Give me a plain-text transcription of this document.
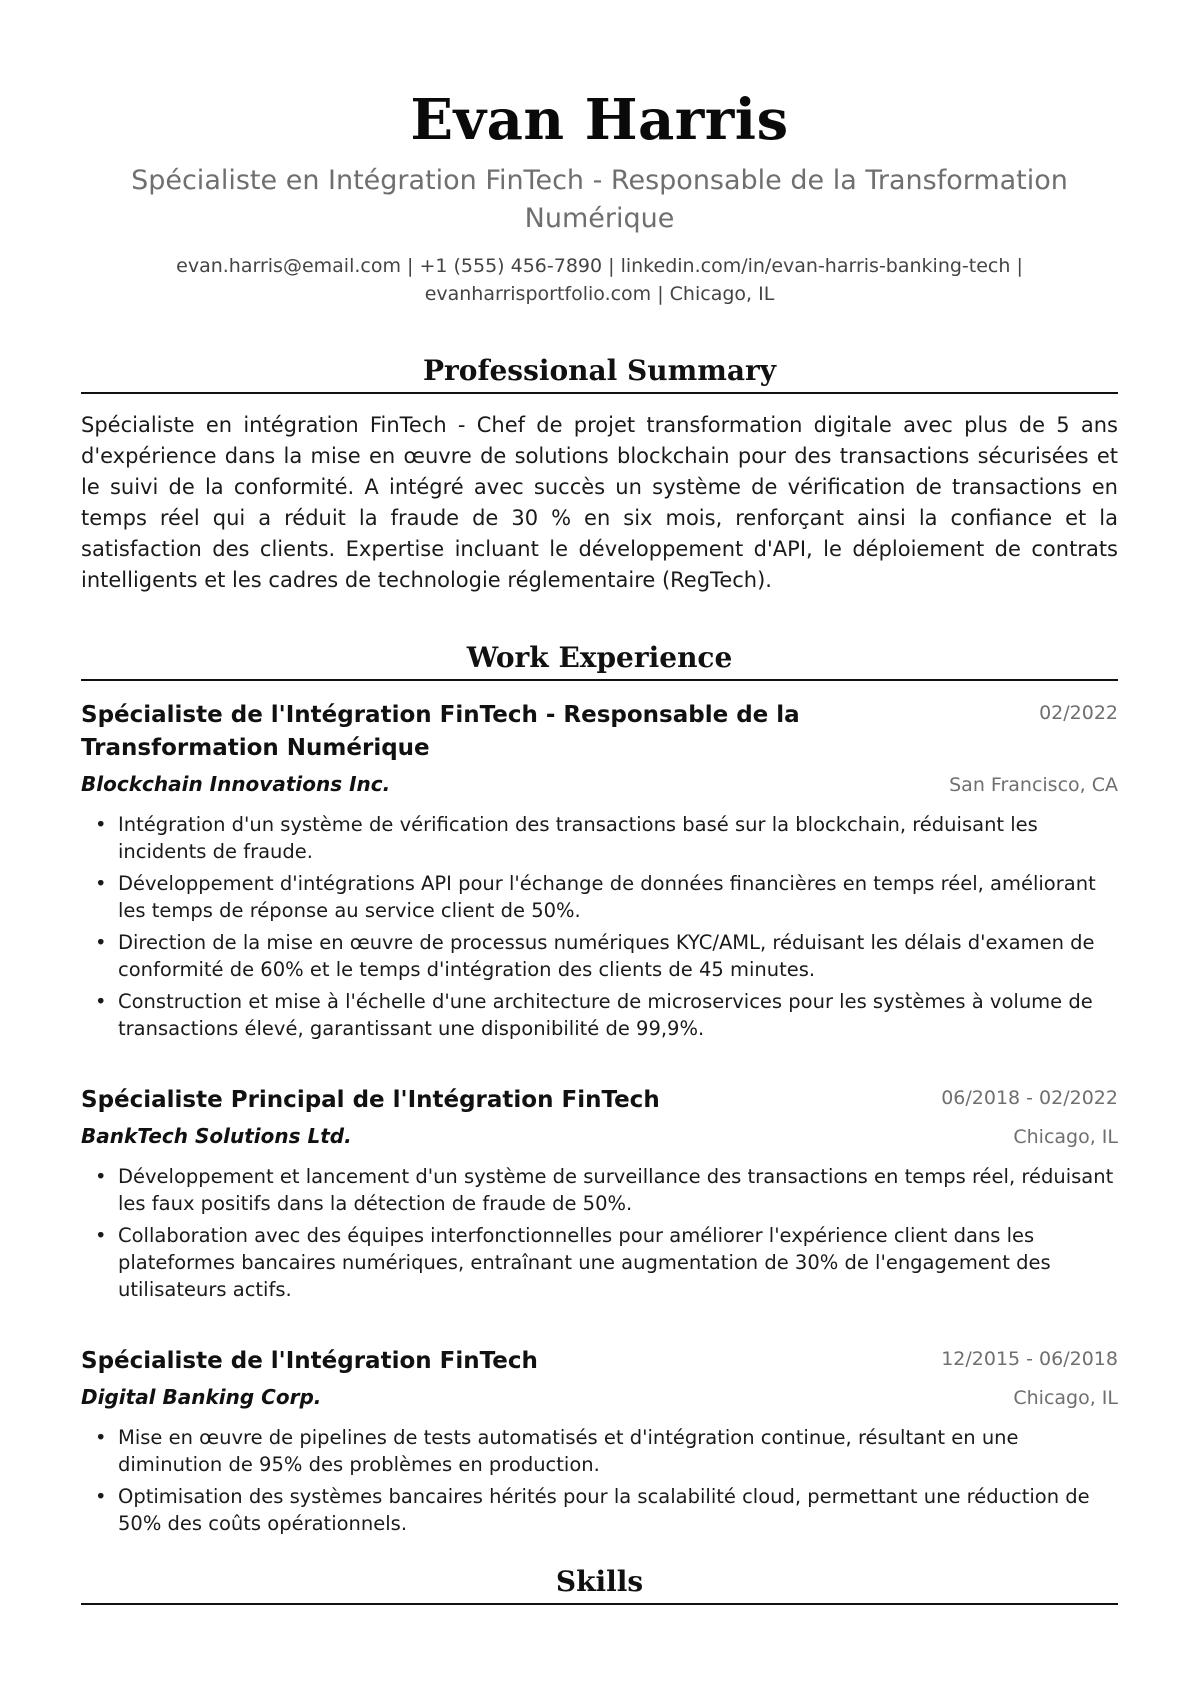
Evan Harris
Spécialiste en Intégration FinTech - Responsable de la Transformation Numérique
evan.harris@email.com | +1 (555) 456-7890 | linkedin.com/in/evan-harris-banking-tech | evanharrisportfolio.com | Chicago, IL
Professional Summary
Spécialiste en intégration FinTech - Chef de projet transformation digitale avec plus de 5 ans d'expérience dans la mise en œuvre de solutions blockchain pour des transactions sécurisées et le suivi de la conformité. A intégré avec succès un système de vérification de transactions en temps réel qui a réduit la fraude de 30 % en six mois, renforçant ainsi la confiance et la satisfaction des clients. Expertise incluant le développement d'API, le déploiement de contrats intelligents et les cadres de technologie réglementaire (RegTech).
Work Experience
Spécialiste de l'Intégration FinTech - Responsable de la Transformation Numérique
02/2022
Blockchain Innovations Inc.	San Francisco, CA
• Intégration d'un système de vérification des transactions basé sur la blockchain, réduisant les incidents de fraude.
• Développement d'intégrations API pour l'échange de données financières en temps réel, améliorant les temps de réponse au service client de 50%.
• Direction de la mise en œuvre de processus numériques KYC/AML, réduisant les délais d'examen de conformité de 60% et le temps d'intégration des clients de 45 minutes.
• Construction et mise à l'échelle d'une architecture de microservices pour les systèmes à volume de transactions élevé, garantissant une disponibilité de 99,9%.
Spécialiste Principal de l'Intégration FinTech	06/2018 - 02/2022
BankTech Solutions Ltd.	Chicago, IL
• Développement et lancement d'un système de surveillance des transactions en temps réel, réduisant les faux positifs dans la détection de fraude de 50%.
• Collaboration avec des équipes interfonctionnelles pour améliorer l'expérience client dans les plateformes bancaires numériques, entraînant une augmentation de 30% de l'engagement des utilisateurs actifs.
Spécialiste de l'Intégration FinTech	12/2015 - 06/2018
Digital Banking Corp.	Chicago, IL
• Mise en œuvre de pipelines de tests automatisés et d'intégration continue, résultant en une diminution de 95% des problèmes en production.
• Optimisation des systèmes bancaires hérités pour la scalabilité cloud, permettant une réduction de 50% des coûts opérationnels.
Skills
